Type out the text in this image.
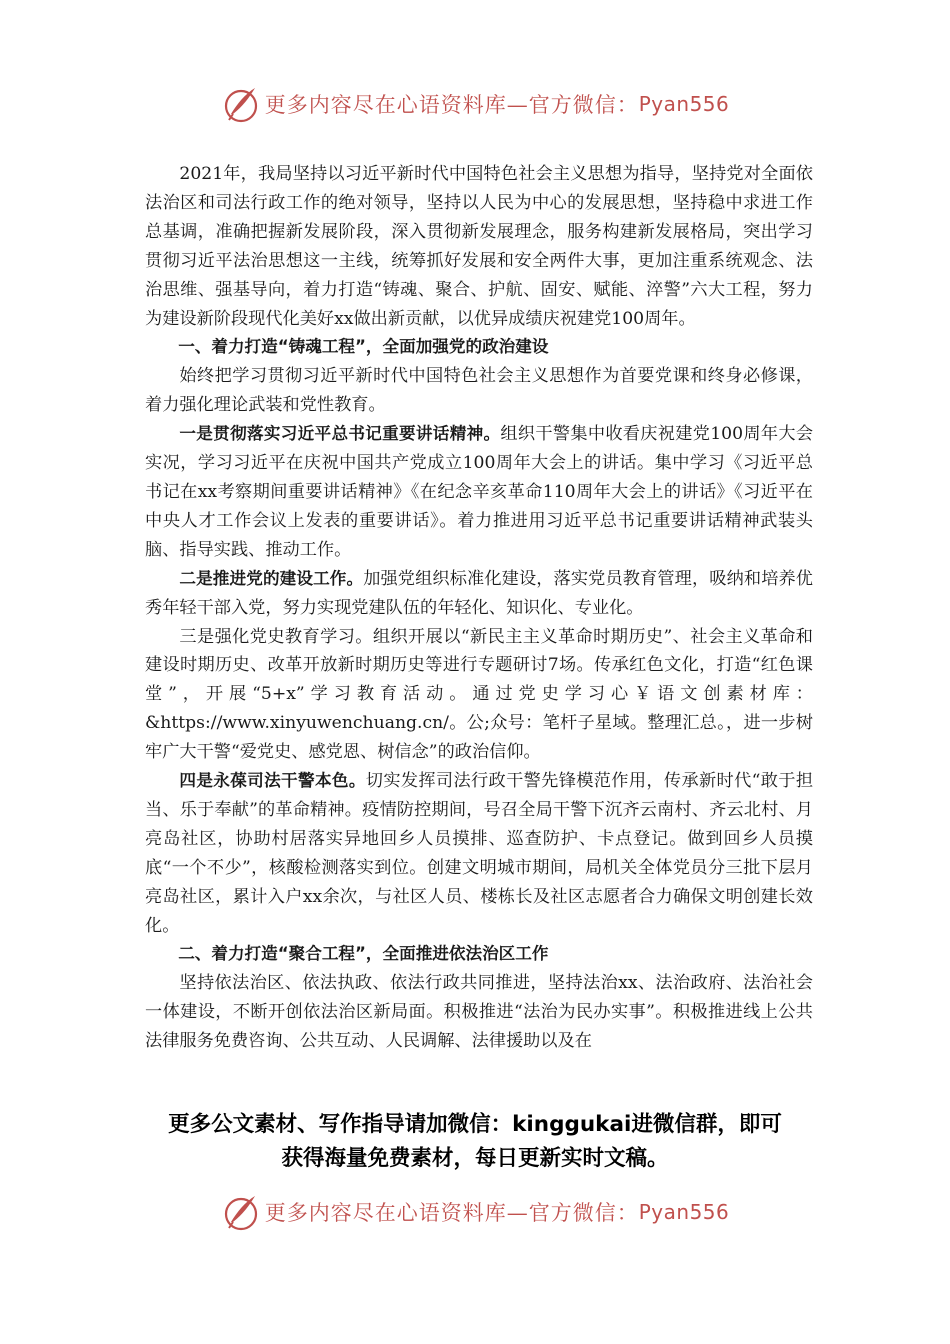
更多内容尽在心语资料库—官方微信： Pyan556

2021年，我局坚持以习近平新时代中国特色社会主义思想为指导，坚持党对全面依法治区和司法行政工作的绝对领导，坚持以人民为中心的发展思想，坚持稳中求进工作总基调，准确把握新发展阶段，深入贯彻新发展理念，服务构建新发展格局，突出学习贯彻习近平法治思想这一主线，统筹抓好发展和安全两件大事，更加注重系统观念、法治思维、强基导向，着力打造“铸魂、聚合、护航、固安、赋能、淬警”六大工程，努力为建设新阶段现代化美好xx做出新贡献，以优异成绩庆祝建党100周年。

一、着力打造“铸魂工程”，全面加强党的政治建设

始终把学习贯彻习近平新时代中国特色社会主义思想作为首要党课和终身必修课，着力强化理论武装和党性教育。

一是贯彻落实习近平总书记重要讲话精神。组织干警集中收看庆祝建党100周年大会实况，学习习近平在庆祝中国共产党成立100周年大会上的讲话。集中学习《习近平总书记在xx考察期间重要讲话精神》《在纪念辛亥革命110周年大会上的讲话》《习近平在中央人才工作会议上发表的重要讲话》。着力推进用习近平总书记重要讲话精神武装头脑、指导实践、推动工作。

二是推进党的建设工作。加强党组织标准化建设，落实党员教育管理，吸纳和培养优秀年轻干部入党，努力实现党建队伍的年轻化、知识化、专业化。

三是强化党史教育学习。组织开展以“新民主主义革命时期历史”、社会主义革命和建设时期历史、改革开放新时期历史等进行专题研讨7场。传承红色文化，打造“红色课堂”，开展“5+x”学习教育活动。通过党史学习心￥语文创素材库：&https://www.xinyuwenchuang.cn/。公;众号：笔杆子星域。整理汇总。，进一步树牢广大干警“爱党史、感党恩、树信念”的政治信仰。

四是永葆司法干警本色。切实发挥司法行政干警先锋模范作用，传承新时代“敢于担当、乐于奉献”的革命精神。疫情防控期间，号召全局干警下沉齐云南村、齐云北村、月亮岛社区，协助村居落实异地回乡人员摸排、巡查防护、卡点登记。做到回乡人员摸底“一个不少”，核酸检测落实到位。创建文明城市期间，局机关全体党员分三批下层月亮岛社区，累计入户xx余次，与社区人员、楼栋长及社区志愿者合力确保文明创建长效化。

二、着力打造“聚合工程”，全面推进依法治区工作

坚持依法治区、依法执政、依法行政共同推进，坚持法治xx、法治政府、法治社会一体建设，不断开创依法治区新局面。积极推进“法治为民办实事”。积极推进线上公共法律服务免费咨询、公共互动、人民调解、法律援助以及在

更多公文素材、写作指导请加微信：kinggukai进微信群，即可
获得海量免费素材，每日更新实时文稿。
更多内容尽在心语资料库—官方微信： Pyan556
